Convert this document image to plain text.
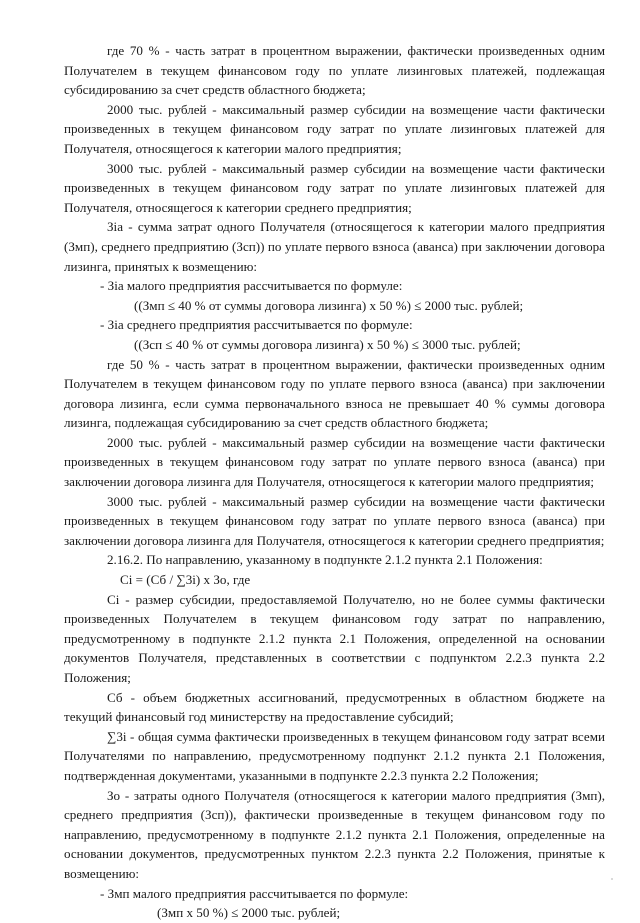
где 70 % - часть затрат в процентном выражении, фактически произведенных одним Получателем в текущем финансовом году по уплате лизинговых платежей, подлежащая субсидированию за счет средств областного бюджета;

2000 тыс. рублей - максимальный размер субсидии на возмещение части фактически произведенных в текущем финансовом году затрат по уплате лизинговых платежей для Получателя, относящегося к категории малого предприятия;

3000 тыс. рублей - максимальный размер субсидии на возмещение части фактически произведенных в текущем финансовом году затрат по уплате лизинговых платежей для Получателя, относящегося к категории среднего предприятия;

Зia - сумма затрат одного Получателя (относящегося к категории малого предприятия (Змп), среднего предприятию (Зсп)) по уплате первого взноса (аванса) при заключении договора лизинга, принятых к возмещению:

- Зia малого предприятия рассчитывается по формуле:

((Змп ≤ 40 % от суммы договора лизинга) х 50 %) ≤ 2000 тыс. рублей;

- Зia среднего предприятия рассчитывается по формуле:

((Зсп ≤ 40 % от суммы договора лизинга) х 50 %) ≤ 3000 тыс. рублей;

где 50 % - часть затрат в процентном выражении, фактически произведенных одним Получателем в текущем финансовом году по уплате первого взноса (аванса) при заключении договора лизинга, если сумма первоначального взноса не превышает 40 % суммы договора лизинга, подлежащая субсидированию за счет средств областного бюджета;

2000 тыс. рублей - максимальный размер субсидии на возмещение части фактически произведенных в текущем финансовом году затрат по уплате первого взноса (аванса) при заключении договора лизинга для Получателя, относящегося к категории малого предприятия;

3000 тыс. рублей - максимальный размер субсидии на возмещение части фактически произведенных в текущем финансовом году затрат по уплате первого взноса (аванса) при заключении договора лизинга для Получателя, относящегося к категории среднего предприятия;

2.16.2. По направлению, указанному в подпункте 2.1.2 пункта 2.1 Положения:

Ci = (Сб / ∑3i) х Зо, где

Сi - размер субсидии, предоставляемой Получателю, но не более суммы фактически произведенных Получателем в текущем финансовом году затрат по направлению, предусмотренному в подпункте 2.1.2 пункта 2.1 Положения, определенной на основании документов Получателя, представленных в соответствии с подпунктом 2.2.3 пункта 2.2 Положения;

Сб - объем бюджетных ассигнований, предусмотренных в областном бюджете на текущий финансовый год министерству на предоставление субсидий;

∑3i - общая сумма фактически произведенных в текущем финансовом году затрат всеми Получателями по направлению, предусмотренному подпункт 2.1.2 пункта 2.1 Положения, подтвержденная документами, указанными в подпункте 2.2.3 пункта 2.2 Положения;

Зо - затраты одного Получателя (относящегося к категории малого предприятия (Змп), среднего предприятия (Зсп)), фактически произведенные в текущем финансовом году по направлению, предусмотренному в подпункте 2.1.2 пункта 2.1 Положения, определенные на основании документов, предусмотренных пунктом 2.2.3 пункта 2.2 Положения, принятые к возмещению:

- Змп малого предприятия рассчитывается по формуле:

(Змп х 50 %) ≤ 2000 тыс. рублей;
